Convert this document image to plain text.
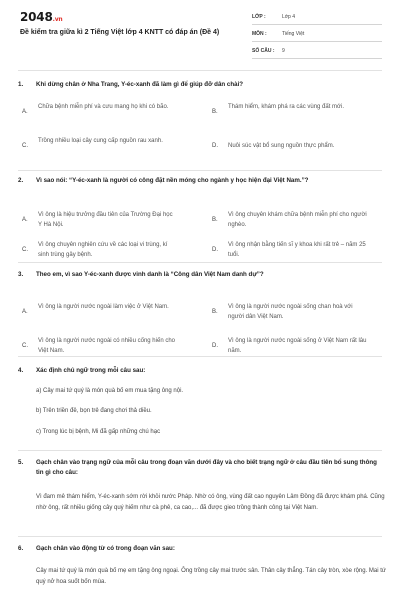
2048.vn
Đề kiểm tra giữa kì 2 Tiếng Việt lớp 4 KNTT có đáp án (Đề 4)
LỚP :	Lớp 4
MÔN :	Tiếng Việt
SỐ CÂU : 9
1. Khi dừng chân ở Nha Trang, Y-éc-xanh đã làm gì để giúp đỡ dân chài?
A.
Chữa bệnh miễn phí và cưu mang họ khi có bão.
B.
Thám hiểm, khám phá ra các vùng đất mới.
C.
Trồng nhiều loại cây cung cấp nguồn rau xanh.
D.	Nuôi súc vật bổ sung nguồn thực phẩm.
2. Vì sao nói: “Y-éc-xanh là người có công đặt nền móng cho ngành y học hiện đại Việt Nam.”?
A.
Vì ông là hiệu trưởng đầu tiên của Trường Đại học Y Hà Nội.
B.
Vì ông chuyên khám chữa bệnh miễn phí cho người nghèo.
C.
Vì ông chuyên nghiên cứu về các loại vi trùng, kí sinh trùng gây bệnh.
D.
Vì ông nhận bằng tiến sĩ y khoa khi rất trẻ – năm 25 tuổi.
3. Theo em, vì sao Y-éc-xanh được vinh danh là “Công dân Việt Nam danh dự”?
A.
Vì ông là người nước ngoài làm việc ở Việt Nam.
B.
Vì ông là người nước ngoài sống chan hoà với người dân Việt Nam.
C.
Vì ông là người nước ngoài có nhiều cống hiến cho Việt Nam.
D.
Vì ông là người nước ngoài sống ở Việt Nam rất lâu năm.
4. Xác định chủ ngữ trong mỗi câu sau:
a) Cây mai tứ quý là món quà bố em mua tặng ông nội.
b) Trên triền đê, bọn trẻ đang chơi thả diều.
c) Trong lúc bị bệnh, Mi đã gấp những chú hạc
5. Gạch chân vào trạng ngữ của mỗi câu trong đoạn văn dưới đây và cho biết trạng ngữ ở câu đầu tiên bổ sung thông tin gì cho câu:
Vì đam mê thám hiểm, Y-éc-xanh sớm rời khỏi nước Pháp. Nhờ có ông, vùng đất cao nguyên Lâm Đồng đã được khám phá. Cũng nhờ ông, rất nhiều giống cây quý hiếm như cà phê, ca cao,... đã được gieo trồng thành công tại Việt Nam.
6. Gạch chân vào động từ có trong đoạn văn sau:
Cây mai tứ quý là món quà bố mẹ em tặng ông ngoại. Ông trồng cây mai trước sân. Thân cây thẳng. Tán cây tròn, xòe rộng. Mai tứ quý nở hoa suốt bốn mùa.
